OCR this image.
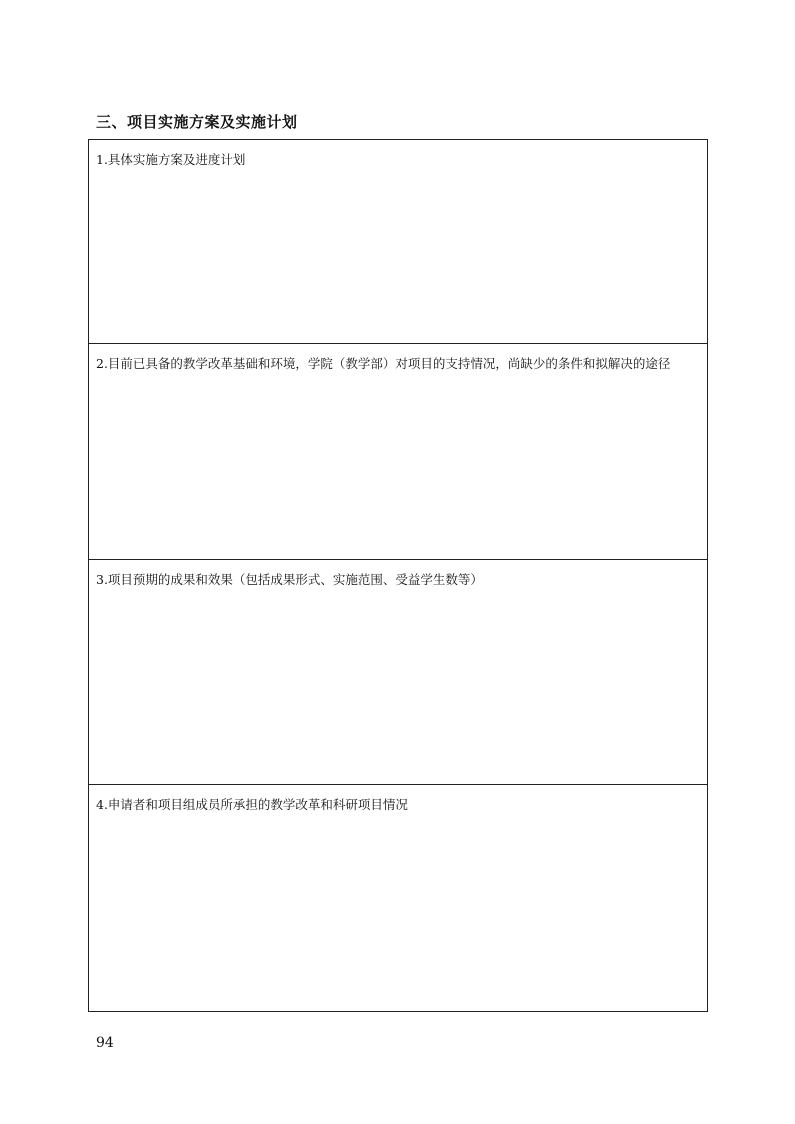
三、项目实施方案及实施计划
1.具体实施方案及进度计划
2.目前已具备的教学改革基础和环境，学院（教学部）对项目的支持情况，尚缺少的条件和拟解决的途径
3.项目预期的成果和效果（包括成果形式、实施范围、受益学生数等）
4.申请者和项目组成员所承担的教学改革和科研项目情况
94
